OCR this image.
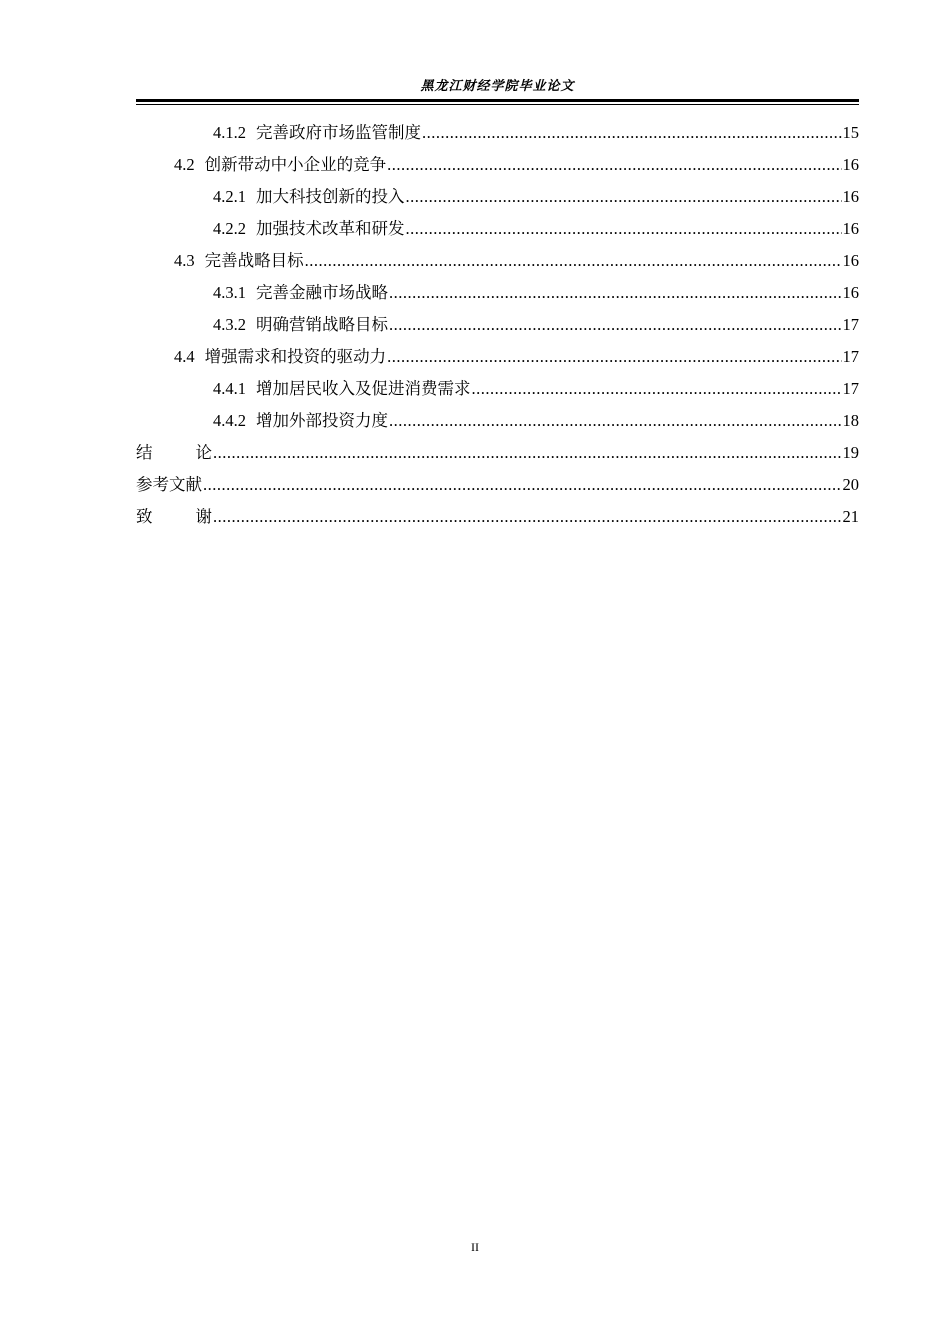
黑龙江财经学院毕业论文
4.1.2 完善政府市场监管制度 .....	15
4.2 创新带动中小企业的竞争 .....	16
4.2.1 加大科技创新的投入 .....	16
4.2.2 加强技术改革和研发 .....	16
4.3 完善战略目标 .....	16
4.3.1 完善金融市场战略 .....	16
4.3.2 明确营销战略目标 .....	17
4.4 增强需求和投资的驱动力 .....	17
4.4.1 增加居民收入及促进消费需求 .....	17
4.4.2 增加外部投资力度 .....	18
结	论 .....	19
参考文献 .....	20
致	谢 .....	21
II
